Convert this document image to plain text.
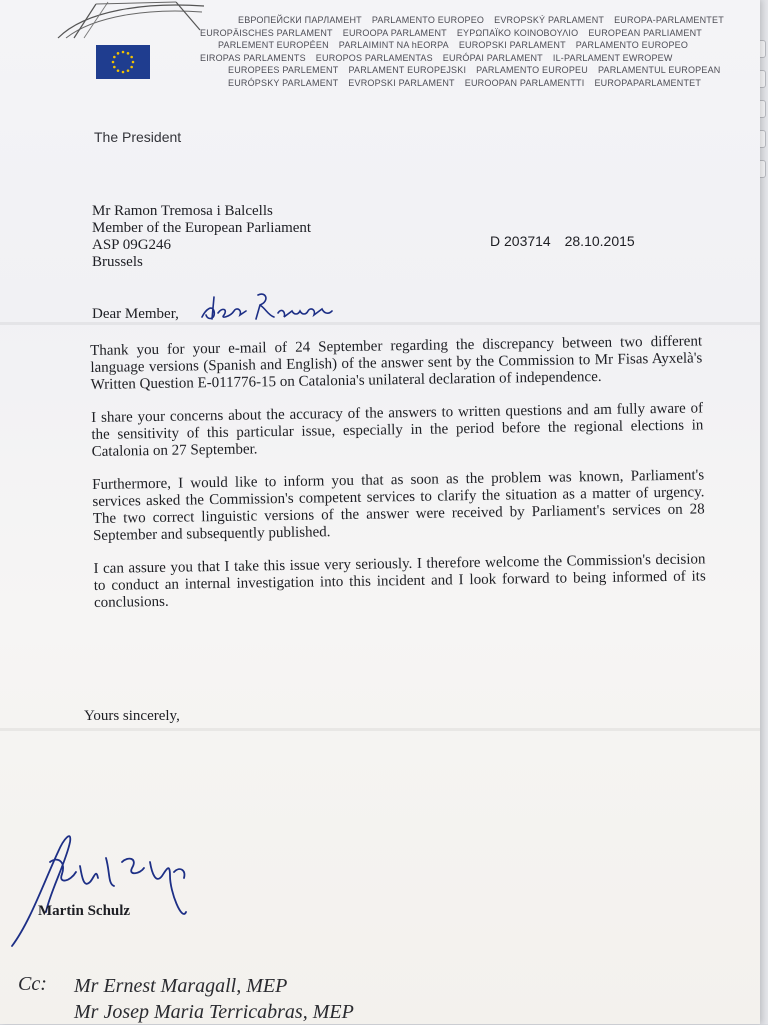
ЕВРОПЕЙСКИ ПАРЛАМЕНТ PARLAMENTO EUROPEO EVROPSKÝ PARLAMENT EUROPA-PARLAMENTET
EUROPÄISCHES PARLAMENT EUROOPA PARLAMENT ΕΥΡΩΠΑΪΚΟ ΚΟΙΝΟΒΟΥΛΙΟ EUROPEAN PARLIAMENT
PARLEMENT EUROPÉEN PARLAIMINT NA hEORPA EUROPSKI PARLAMENT PARLAMENTO EUROPEO
EIROPAS PARLAMENTS EUROPOS PARLAMENTAS EURÓPAI PARLAMENT IL-PARLAMENT EWROPEW
EUROPEES PARLEMENT PARLAMENT EUROPEJSKI PARLAMENTO EUROPEU PARLAMENTUL EUROPEAN
EURÓPSKY PARLAMENT EVROPSKI PARLAMENT EUROOPAN PARLAMENTTI EUROPAPARLAMENTET
The President
Mr Ramon Tremosa i Balcells
Member of the European Parliament
ASP 09G246
Brussels
D 203714 28.10.2015
Dear Member,

Thank you for your e-mail of 24 September regarding the discrepancy between two different language versions (Spanish and English) of the answer sent by the Commission to Mr Fisas Ayxelà's Written Question E-011776-15 on Catalonia's unilateral declaration of independence.

I share your concerns about the accuracy of the answers to written questions and am fully aware of the sensitivity of this particular issue, especially in the period before the regional elections in Catalonia on 27 September.

Furthermore, I would like to inform you that as soon as the problem was known, Parliament's services asked the Commission's competent services to clarify the situation as a matter of urgency. The two correct linguistic versions of the answer were received by Parliament's services on 28 September and subsequently published.

I can assure you that I take this issue very seriously. I therefore welcome the Commission's decision to conduct an internal investigation into this incident and I look forward to being informed of its conclusions.

Yours sincerely,
Martin Schulz
Cc: Mr Ernest Maragall, MEP
Mr Josep Maria Terricabras, MEP
